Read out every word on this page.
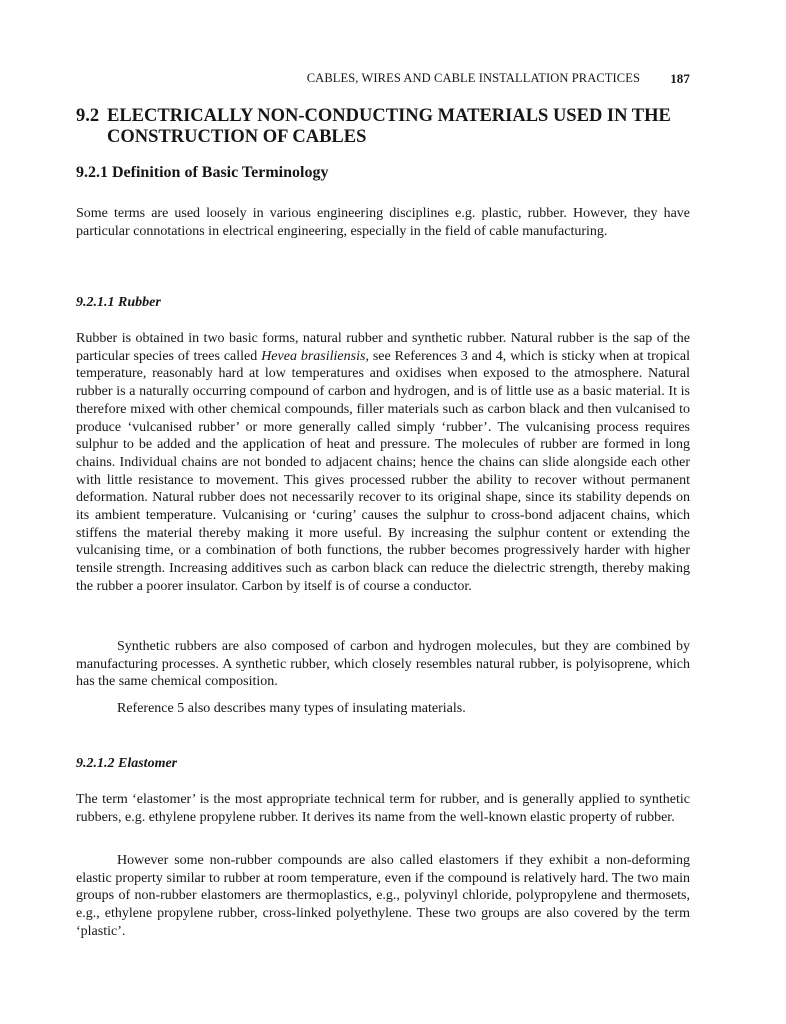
CABLES, WIRES AND CABLE INSTALLATION PRACTICES 187
9.2 ELECTRICALLY NON-CONDUCTING MATERIALS USED IN THE CONSTRUCTION OF CABLES
9.2.1 Definition of Basic Terminology

Some terms are used loosely in various engineering disciplines e.g. plastic, rubber. However, they have particular connotations in electrical engineering, especially in the field of cable manufacturing.

9.2.1.1 Rubber

Rubber is obtained in two basic forms, natural rubber and synthetic rubber. Natural rubber is the sap of the particular species of trees called Hevea brasiliensis, see References 3 and 4, which is sticky when at tropical temperature, reasonably hard at low temperatures and oxidises when exposed to the atmosphere. Natural rubber is a naturally occurring compound of carbon and hydrogen, and is of little use as a basic material. It is therefore mixed with other chemical compounds, filler materials such as carbon black and then vulcanised to produce ‘vulcanised rubber’ or more generally called simply ‘rubber’. The vulcanising process requires sulphur to be added and the application of heat and pressure. The molecules of rubber are formed in long chains. Individual chains are not bonded to adjacent chains; hence the chains can slide alongside each other with little resistance to movement. This gives processed rubber the ability to recover without permanent deformation. Natural rubber does not necessarily recover to its original shape, since its stability depends on its ambient temperature. Vulcanising or ‘curing’ causes the sulphur to cross-bond adjacent chains, which stiffens the material thereby making it more useful. By increasing the sulphur content or extending the vulcanising time, or a combination of both functions, the rubber becomes progressively harder with higher tensile strength. Increasing additives such as carbon black can reduce the dielectric strength, thereby making the rubber a poorer insulator. Carbon by itself is of course a conductor.

Synthetic rubbers are also composed of carbon and hydrogen molecules, but they are combined by manufacturing processes. A synthetic rubber, which closely resembles natural rubber, is polyisoprene, which has the same chemical composition.

Reference 5 also describes many types of insulating materials.

9.2.1.2 Elastomer

The term ‘elastomer’ is the most appropriate technical term for rubber, and is generally applied to synthetic rubbers, e.g. ethylene propylene rubber. It derives its name from the well-known elastic property of rubber.

However some non-rubber compounds are also called elastomers if they exhibit a non-deforming elastic property similar to rubber at room temperature, even if the compound is relatively hard. The two main groups of non-rubber elastomers are thermoplastics, e.g., polyvinyl chloride, polypropylene and thermosets, e.g., ethylene propylene rubber, cross-linked polyethylene. These two groups are also covered by the term ‘plastic’.
